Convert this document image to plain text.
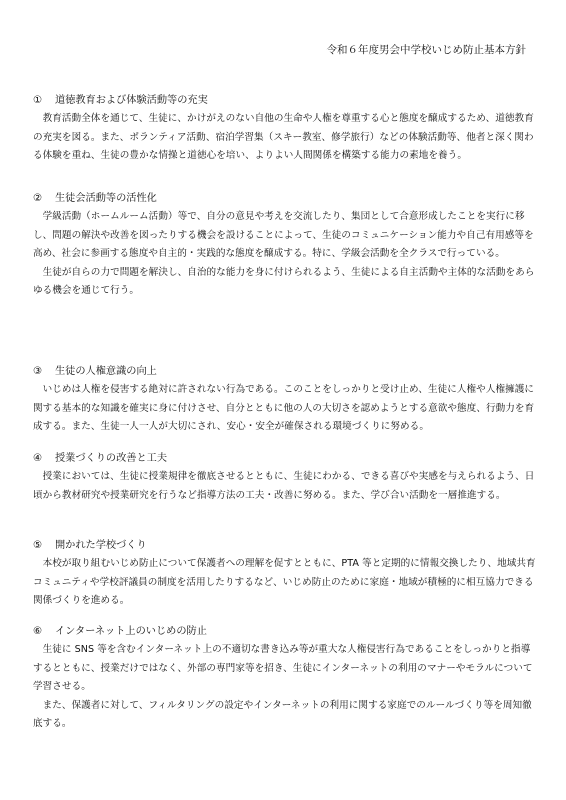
令和６年度男会中学校いじめ防止基本方針
① 道徳教育および体験活動等の充実

教育活動全体を通じて、生徒に、かけがえのない自他の生命や人権を尊重する心と態度を醸成するため、道徳教育の充実を図る。また、ボランティア活動、宿泊学習集（スキー教室、修学旅行）などの体験活動等、他者と深く関わる体験を重ね、生徒の豊かな情操と道徳心を培い、よりよい人間関係を構築する能力の素地を養う。

② 生徒会活動等の活性化

学級活動（ホームルーム活動）等で、自分の意見や考えを交流したり、集団として合意形成したことを実行に移し、問題の解決や改善を図ったりする機会を設けることによって、生徒のコミュニケーション能力や自己有用感等を高め、社会に参画する態度や自主的・実践的な態度を醸成する。特に、学級会活動を全クラスで行っている。

生徒が自らの力で問題を解決し、自治的な能力を身に付けられるよう、生徒による自主活動や主体的な活動をあらゆる機会を通じて行う。

③ 生徒の人権意識の向上

いじめは人権を侵害する絶対に許されない行為である。このことをしっかりと受け止め、生徒に人権や人権擁護に関する基本的な知識を確実に身に付けさせ、自分とともに他の人の大切さを認めようとする意欲や態度、行動力を育成する。また、生徒一人一人が大切にされ、安心・安全が確保される環境づくりに努める。

④ 授業づくりの改善と工夫

授業においては、生徒に授業規律を徹底させるとともに、生徒にわかる、できる喜びや実感を与えられるよう、日頃から教材研究や授業研究を行うなど指導方法の工夫・改善に努める。また、学び合い活動を一層推進する。

⑤ 開かれた学校づくり

本校が取り組むいじめ防止について保護者への理解を促すとともに、PTA 等と定期的に情報交換したり、地域共育コミュニティや学校評議員の制度を活用したりするなど、いじめ防止のために家庭・地域が積極的に相互協力できる関係づくりを進める。

⑥ インターネット上のいじめの防止

生徒に SNS 等を含むインターネット上の不適切な書き込み等が重大な人権侵害行為であることをしっかりと指導するとともに、授業だけではなく、外部の専門家等を招き、生徒にインターネットの利用のマナーやモラルについて学習させる。

また、保護者に対して、フィルタリングの設定やインターネットの利用に関する家庭でのルールづくり等を周知徹底する。
